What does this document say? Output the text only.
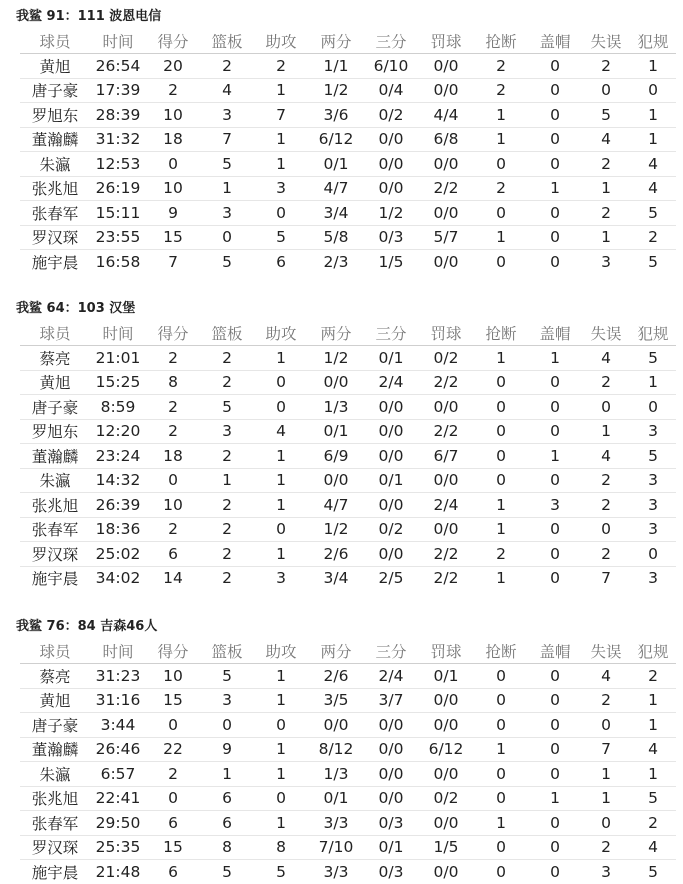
我鲨 91：111 波恩电信
球员	时间	得分	篮板	助攻	两分	三分	罚球	抢断	盖帽	失误	犯规
黄旭	26:54	20	2	2	1/1	6/10	0/0	2	0	2	1
唐子豪	17:39	2	4	1	1/2	0/4	0/0	2	0	0	0
罗旭东	28:39	10	3	7	3/6	0/2	4/4	1	0	5	1
董瀚麟	31:32	18	7	1	6/12	0/0	6/8	1	0	4	1
朱瀛	12:53	0	5	1	0/1	0/0	0/0	0	0	2	4
张兆旭	26:19	10	1	3	4/7	0/0	2/2	2	1	1	4
张春军	15:11	9	3	0	3/4	1/2	0/0	0	0	2	5
罗汉琛	23:55	15	0	5	5/8	0/3	5/7	1	0	1	2
施宇晨	16:58	7	5	6	2/3	1/5	0/0	0	0	3	5
我鲨 64：103 汉堡
球员	时间	得分	篮板	助攻	两分	三分	罚球	抢断	盖帽	失误	犯规
蔡亮	21:01	2	2	1	1/2	0/1	0/2	1	1	4	5
黄旭	15:25	8	2	0	0/0	2/4	2/2	0	0	2	1
唐子豪	8:59	2	5	0	1/3	0/0	0/0	0	0	0	0
罗旭东	12:20	2	3	4	0/1	0/0	2/2	0	0	1	3
董瀚麟	23:24	18	2	1	6/9	0/0	6/7	0	1	4	5
朱瀛	14:32	0	1	1	0/0	0/1	0/0	0	0	2	3
张兆旭	26:39	10	2	1	4/7	0/0	2/4	1	3	2	3
张春军	18:36	2	2	0	1/2	0/2	0/0	1	0	0	3
罗汉琛	25:02	6	2	1	2/6	0/0	2/2	2	0	2	0
施宇晨	34:02	14	2	3	3/4	2/5	2/2	1	0	7	3
我鲨 76：84 吉森46人
球员	时间	得分	篮板	助攻	两分	三分	罚球	抢断	盖帽	失误	犯规
蔡亮	31:23	10	5	1	2/6	2/4	0/1	0	0	4	2
黄旭	31:16	15	3	1	3/5	3/7	0/0	0	0	2	1
唐子豪	3:44	0	0	0	0/0	0/0	0/0	0	0	0	1
董瀚麟	26:46	22	9	1	8/12	0/0	6/12	1	0	7	4
朱瀛	6:57	2	1	1	1/3	0/0	0/0	0	0	1	1
张兆旭	22:41	0	6	0	0/1	0/0	0/2	0	1	1	5
张春军	29:50	6	6	1	3/3	0/3	0/0	1	0	0	2
罗汉琛	25:35	15	8	8	7/10	0/1	1/5	0	0	2	4
施宇晨	21:48	6	5	5	3/3	0/3	0/0	0	0	3	5
